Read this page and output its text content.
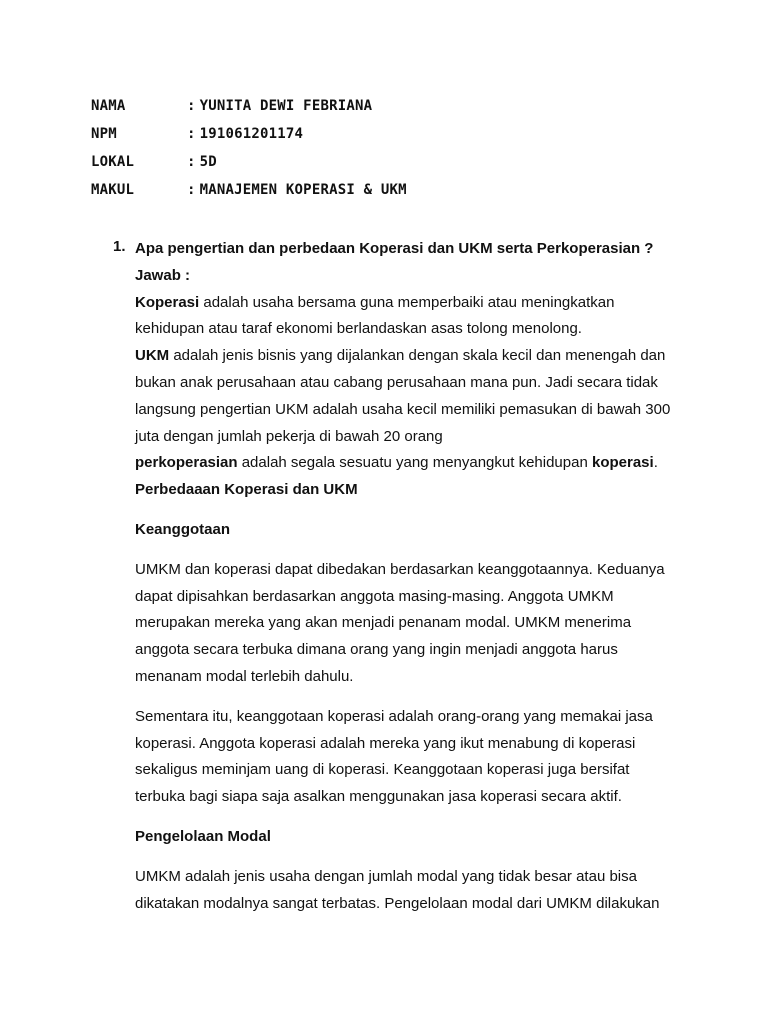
NAMA	: YUNITA DEWI FEBRIANA
NPM	: 191061201174
LOKAL	: 5D
MAKUL	: MANAJEMEN KOPERASI & UKM
1. Apa pengertian dan perbedaan Koperasi dan UKM serta Perkoperasian ?
Jawab :
Koperasi adalah usaha bersama guna memperbaiki atau meningkatkan
kehidupan atau taraf ekonomi berlandaskan asas tolong menolong.
UKM adalah jenis bisnis yang dijalankan dengan skala kecil dan menengah dan
bukan anak perusahaan atau cabang perusahaan mana pun. Jadi secara tidak
langsung pengertian UKM adalah usaha kecil memiliki pemasukan di bawah 300
juta dengan jumlah pekerja di bawah 20 orang
perkoperasian adalah segala sesuatu yang menyangkut kehidupan koperasi.
Perbedaaan Koperasi dan UKM
Keanggotaan
UMKM dan koperasi dapat dibedakan berdasarkan keanggotaannya. Keduanya
dapat dipisahkan berdasarkan anggota masing-masing. Anggota UMKM
merupakan mereka yang akan menjadi penanam modal. UMKM menerima
anggota secara terbuka dimana orang yang ingin menjadi anggota harus
menanam modal terlebih dahulu.
Sementara itu, keanggotaan koperasi adalah orang-orang yang memakai jasa
koperasi. Anggota koperasi adalah mereka yang ikut menabung di koperasi
sekaligus meminjam uang di koperasi. Keanggotaan koperasi juga bersifat
terbuka bagi siapa saja asalkan menggunakan jasa koperasi secara aktif.
Pengelolaan Modal
UMKM adalah jenis usaha dengan jumlah modal yang tidak besar atau bisa
dikatakan modalnya sangat terbatas. Pengelolaan modal dari UMKM dilakukan
